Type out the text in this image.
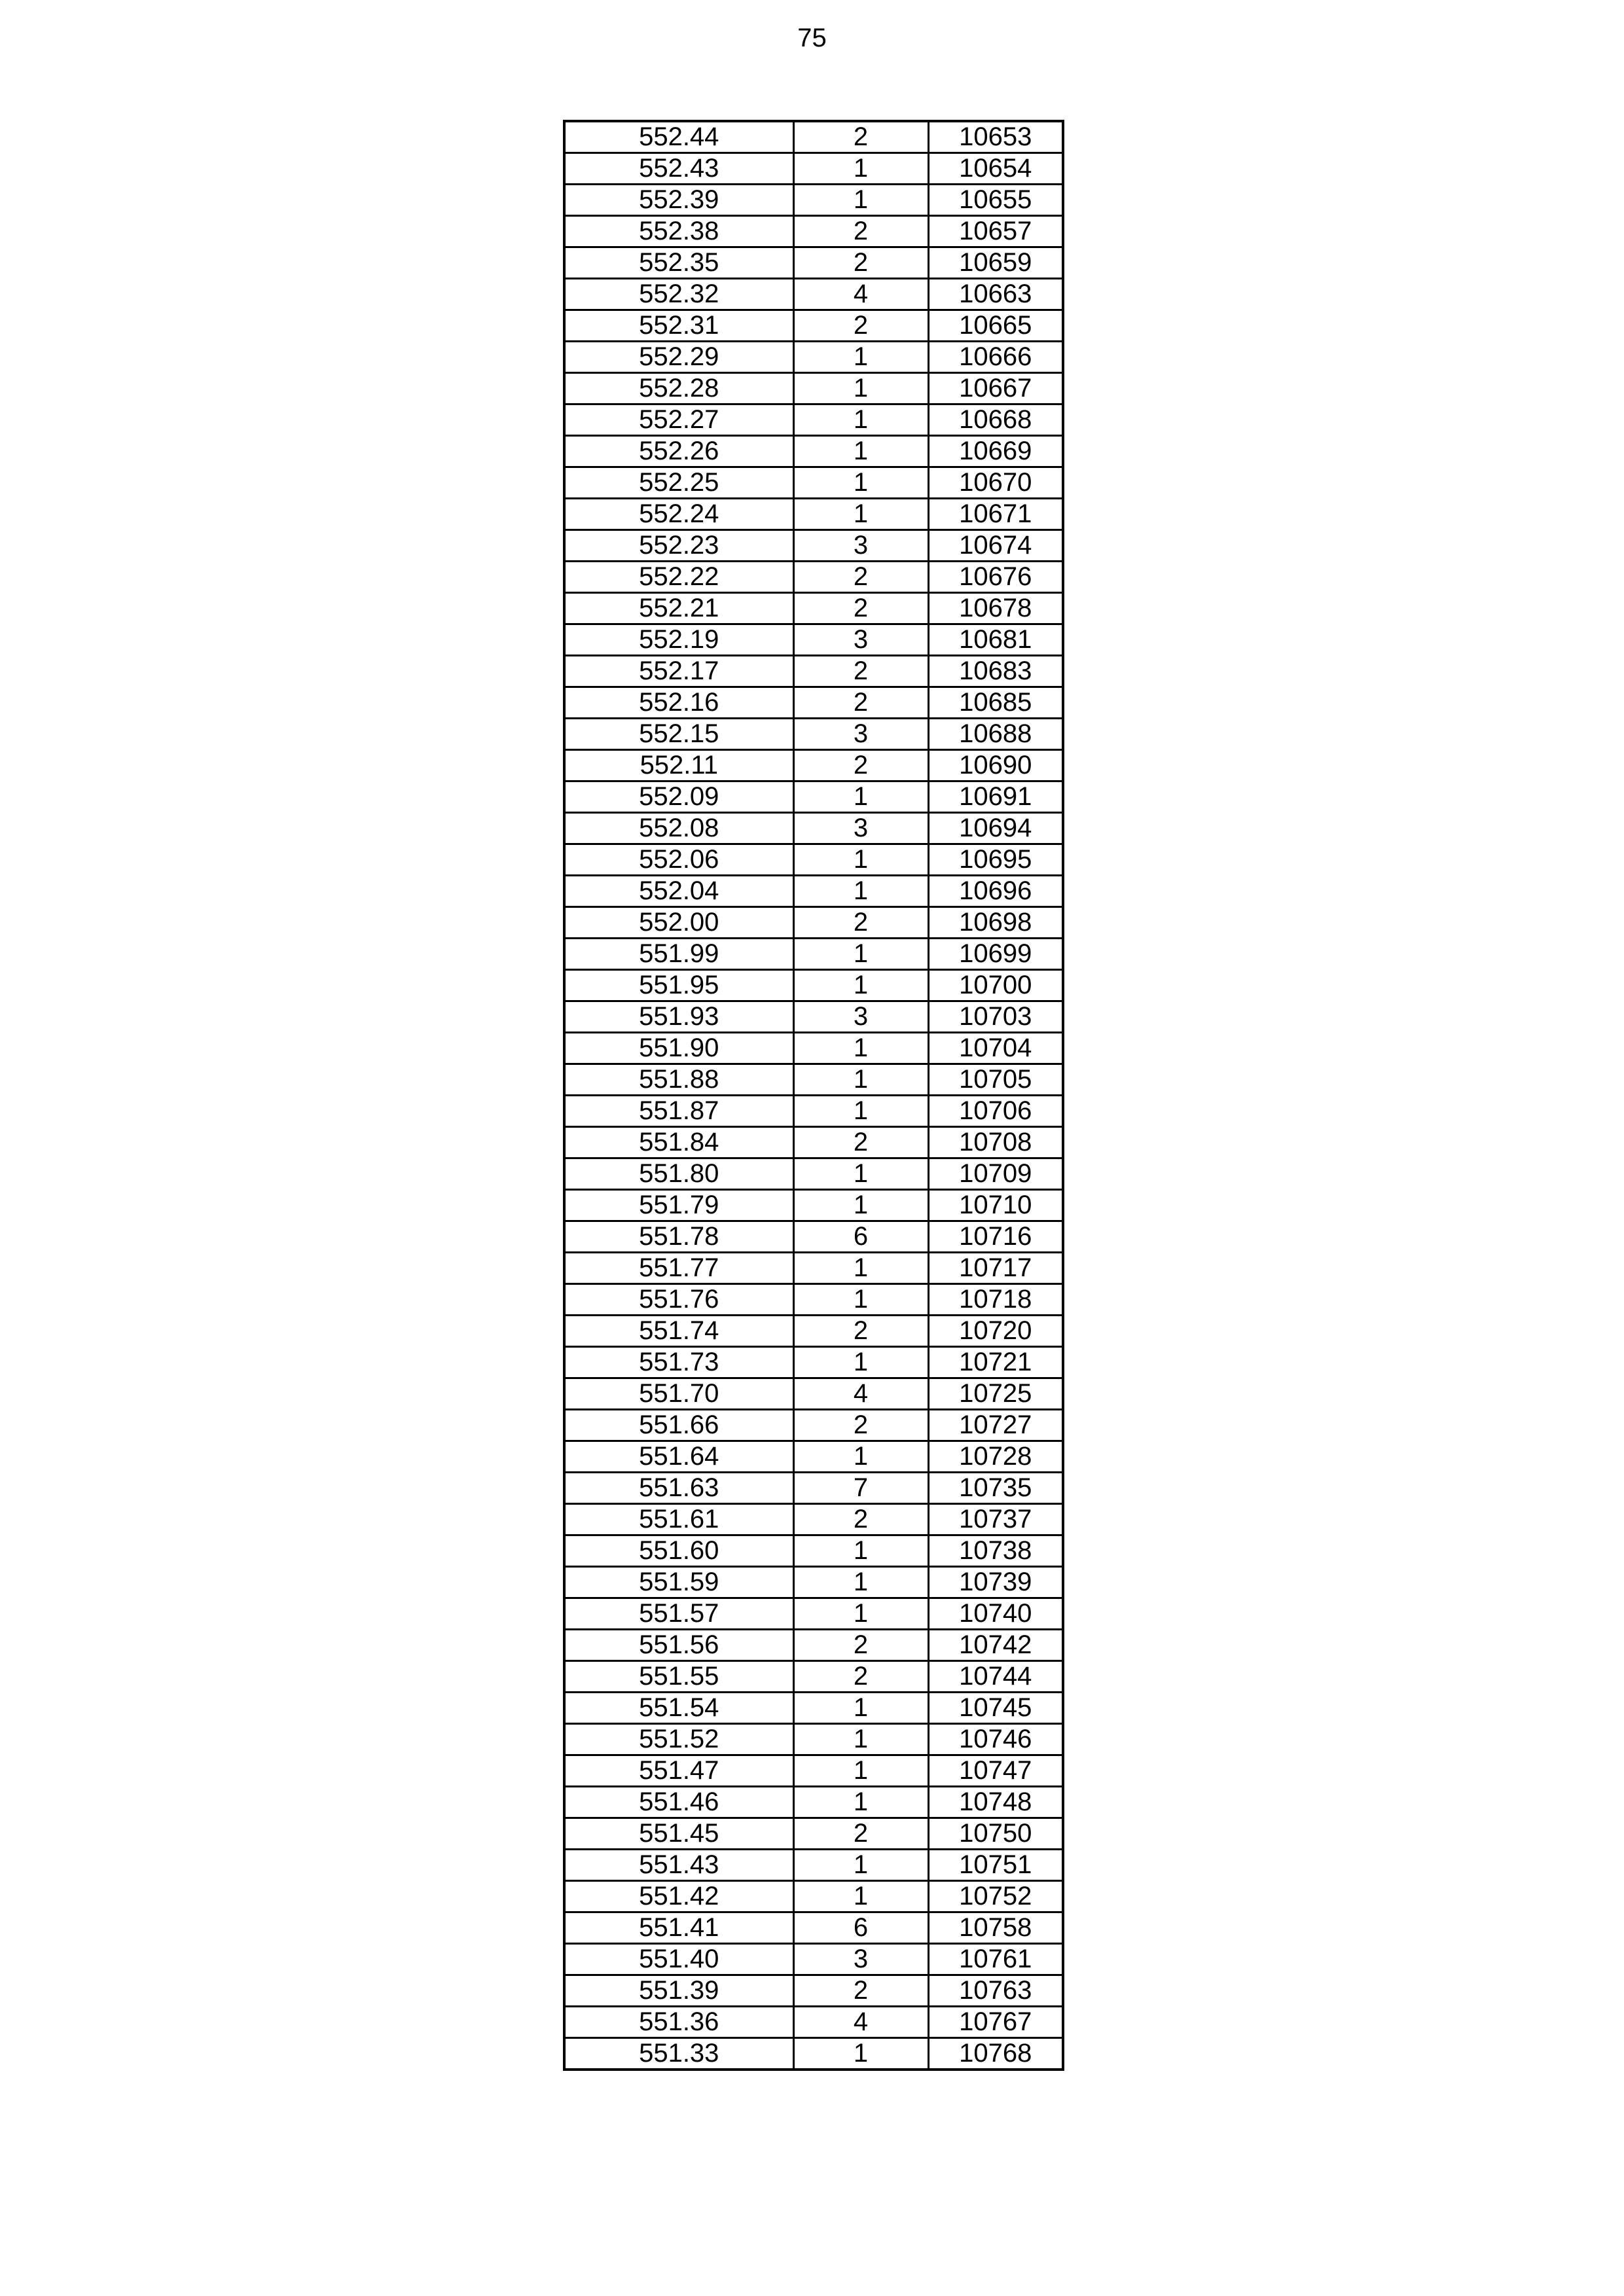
75
552.44	2	10653
552.43	1	10654
552.39	1	10655
552.38	2	10657
552.35	2	10659
552.32	4	10663
552.31	2	10665
552.29	1	10666
552.28	1	10667
552.27	1	10668
552.26	1	10669
552.25	1	10670
552.24	1	10671
552.23	3	10674
552.22	2	10676
552.21	2	10678
552.19	3	10681
552.17	2	10683
552.16	2	10685
552.15	3	10688
552.11	2	10690
552.09	1	10691
552.08	3	10694
552.06	1	10695
552.04	1	10696
552.00	2	10698
551.99	1	10699
551.95	1	10700
551.93	3	10703
551.90	1	10704
551.88	1	10705
551.87	1	10706
551.84	2	10708
551.80	1	10709
551.79	1	10710
551.78	6	10716
551.77	1	10717
551.76	1	10718
551.74	2	10720
551.73	1	10721
551.70	4	10725
551.66	2	10727
551.64	1	10728
551.63	7	10735
551.61	2	10737
551.60	1	10738
551.59	1	10739
551.57	1	10740
551.56	2	10742
551.55	2	10744
551.54	1	10745
551.52	1	10746
551.47	1	10747
551.46	1	10748
551.45	2	10750
551.43	1	10751
551.42	1	10752
551.41	6	10758
551.40	3	10761
551.39	2	10763
551.36	4	10767
551.33	1	10768
